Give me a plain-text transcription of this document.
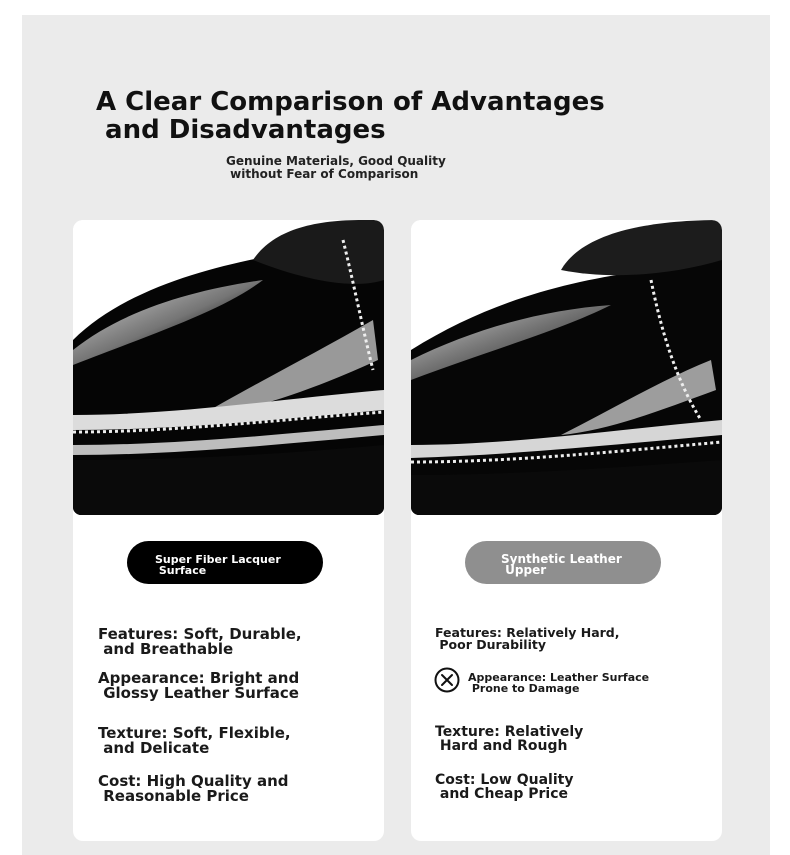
A Clear Comparison of Advantages
and Disadvantages

Genuine Materials, Good Quality
without Fear of Comparison

Super Fiber Lacquer
Surface

Features: Soft, Durable,
and Breathable

Appearance: Bright and
Glossy Leather Surface

Texture: Soft, Flexible,
and Delicate

Cost: High Quality and
Reasonable Price

Synthetic Leather
Upper

Features: Relatively Hard,
Poor Durability

Appearance: Leather Surface
Prone to Damage

Texture: Relatively
Hard and Rough

Cost: Low Quality
and Cheap Price
